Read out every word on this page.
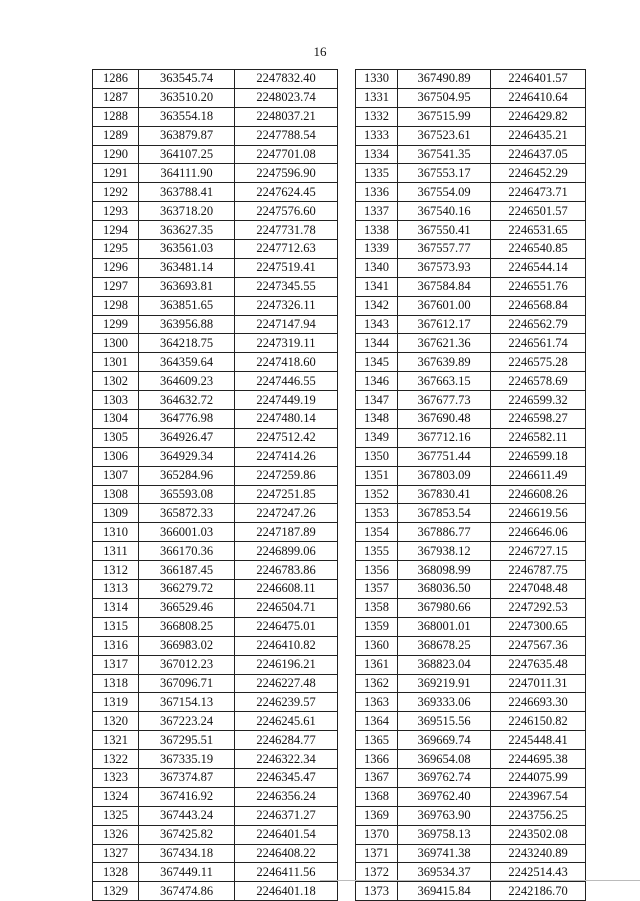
16
1286	363545.74	2247832.40
1287	363510.20	2248023.74
1288	363554.18	2248037.21
1289	363879.87	2247788.54
1290	364107.25	2247701.08
1291	364111.90	2247596.90
1292	363788.41	2247624.45
1293	363718.20	2247576.60
1294	363627.35	2247731.78
1295	363561.03	2247712.63
1296	363481.14	2247519.41
1297	363693.81	2247345.55
1298	363851.65	2247326.11
1299	363956.88	2247147.94
1300	364218.75	2247319.11
1301	364359.64	2247418.60
1302	364609.23	2247446.55
1303	364632.72	2247449.19
1304	364776.98	2247480.14
1305	364926.47	2247512.42
1306	364929.34	2247414.26
1307	365284.96	2247259.86
1308	365593.08	2247251.85
1309	365872.33	2247247.26
1310	366001.03	2247187.89
1311	366170.36	2246899.06
1312	366187.45	2246783.86
1313	366279.72	2246608.11
1314	366529.46	2246504.71
1315	366808.25	2246475.01
1316	366983.02	2246410.82
1317	367012.23	2246196.21
1318	367096.71	2246227.48
1319	367154.13	2246239.57
1320	367223.24	2246245.61
1321	367295.51	2246284.77
1322	367335.19	2246322.34
1323	367374.87	2246345.47
1324	367416.92	2246356.24
1325	367443.24	2246371.27
1326	367425.82	2246401.54
1327	367434.18	2246408.22
1328	367449.11	2246411.56
1329	367474.86	2246401.18
1330	367490.89	2246401.57
1331	367504.95	2246410.64
1332	367515.99	2246429.82
1333	367523.61	2246435.21
1334	367541.35	2246437.05
1335	367553.17	2246452.29
1336	367554.09	2246473.71
1337	367540.16	2246501.57
1338	367550.41	2246531.65
1339	367557.77	2246540.85
1340	367573.93	2246544.14
1341	367584.84	2246551.76
1342	367601.00	2246568.84
1343	367612.17	2246562.79
1344	367621.36	2246561.74
1345	367639.89	2246575.28
1346	367663.15	2246578.69
1347	367677.73	2246599.32
1348	367690.48	2246598.27
1349	367712.16	2246582.11
1350	367751.44	2246599.18
1351	367803.09	2246611.49
1352	367830.41	2246608.26
1353	367853.54	2246619.56
1354	367886.77	2246646.06
1355	367938.12	2246727.15
1356	368098.99	2246787.75
1357	368036.50	2247048.48
1358	367980.66	2247292.53
1359	368001.01	2247300.65
1360	368678.25	2247567.36
1361	368823.04	2247635.48
1362	369219.91	2247011.31
1363	369333.06	2246693.30
1364	369515.56	2246150.82
1365	369669.74	2245448.41
1366	369654.08	2244695.38
1367	369762.74	2244075.99
1368	369762.40	2243967.54
1369	369763.90	2243756.25
1370	369758.13	2243502.08
1371	369741.38	2243240.89
1372	369534.37	2242514.43
1373	369415.84	2242186.70
